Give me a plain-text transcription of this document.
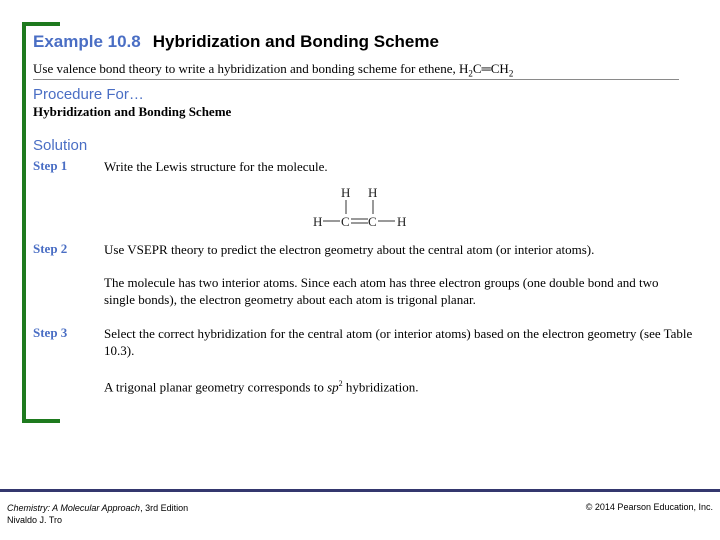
Example 10.8 Hybridization and Bonding Scheme
Use valence bond theory to write a hybridization and bonding scheme for ethene, $H_2C═CH_2$
Procedure For…
Hybridization and Bonding Scheme
Solution
Step 1	Write the Lewis structure for the molecule.
H H
H C C H
Step 2	Use VSEPR theory to predict the electron geometry about the central atom (or interior atoms).
The molecule has two interior atoms. Since each atom has three electron groups (one double bond and two single bonds), the electron geometry about each atom is trigonal planar.
Step 3	Select the correct hybridization for the central atom (or interior atoms) based on the electron geometry (see Table 10.3).
A trigonal planar geometry corresponds to $sp^2$ hybridization.
Chemistry: A Molecular Approach, 3rd Edition
Nivaldo J. Tro
© 2014 Pearson Education, Inc.
